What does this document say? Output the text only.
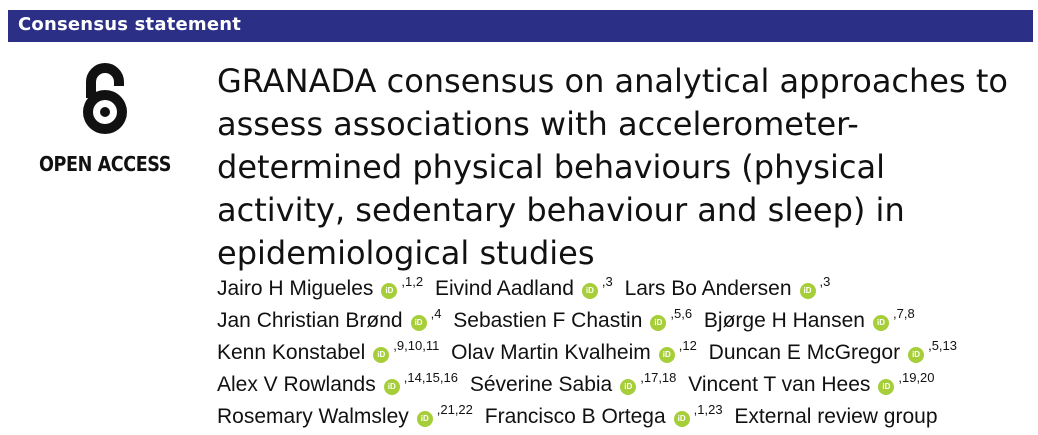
Consensus statement
OPEN ACCESS
GRANADA consensus on analytical approaches to assess associations with accelerometer-determined physical behaviours (physical activity, sedentary behaviour and sleep) in epidemiological studies
Jairo H Migueles iD$^{,1,2}$ Eivind Aadland iD$^{,3}$ Lars Bo Andersen iD$^{,3}$
Jan Christian Brønd iD$^{,4}$ Sebastien F Chastin iD$^{,5,6}$ Bjørge H Hansen iD$^{,7,8}$
Kenn Konstabel iD$^{,9,10,11}$ Olav Martin Kvalheim iD$^{,12}$ Duncan E McGregor iD$^{,5,13}$
Alex V Rowlands iD$^{,14,15,16}$ Séverine Sabia iD$^{,17,18}$ Vincent T van Hees iD$^{,19,20}$
Rosemary Walmsley iD$^{,21,22}$ Francisco B Ortega iD$^{,1,23}$ External review group
